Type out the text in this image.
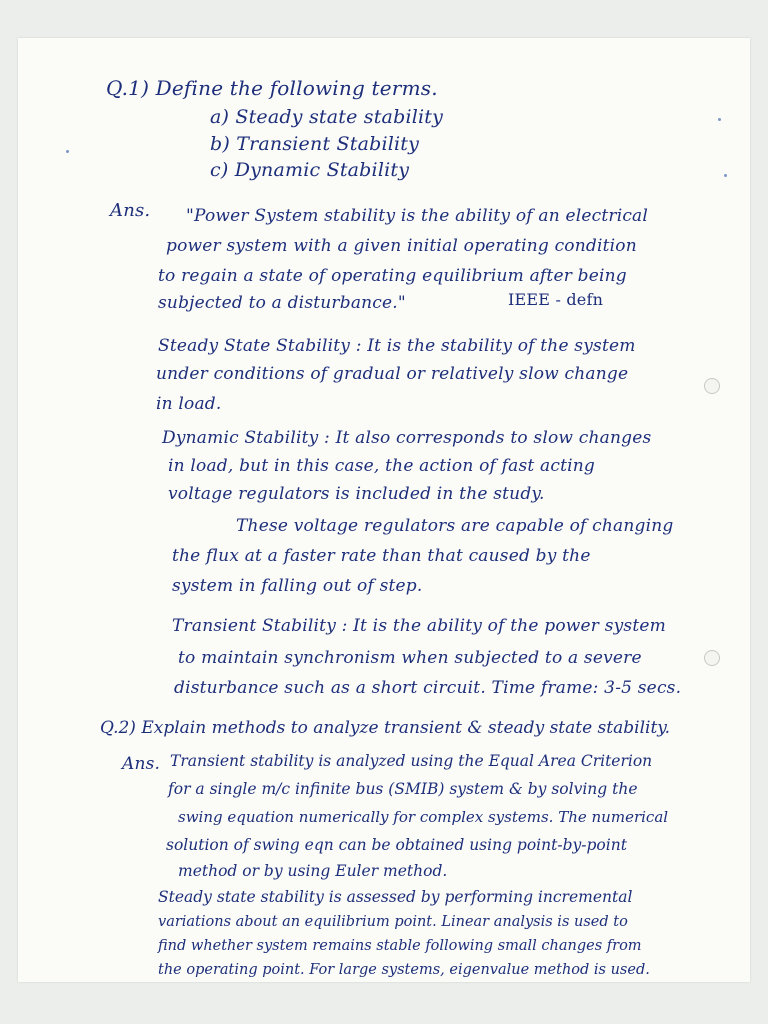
Q.1) Define the following terms.
a) Steady state stability
b) Transient Stability
c) Dynamic Stability
Ans. "Power System stability is the ability of an electrical
power system with a given initial operating condition
to regain a state of operating equilibrium after being
subjected to a disturbance."	IEEE - defn
Steady State Stability : It is the stability of the system
under conditions of gradual or relatively slow change
in load.
Dynamic Stability : It also corresponds to slow changes
in load, but in this case, the action of fast acting
voltage regulators is included in the study.
These voltage regulators are capable of changing
the flux at a faster rate than that caused by the
system in falling out of step.
Transient Stability : It is the ability of the power system
to maintain synchronism when subjected to a severe
disturbance such as a short circuit. Time frame: 3-5 secs.
Q.2) Explain methods to analyze transient & steady state stability.
Ans. Transient stability is analyzed using the Equal Area Criterion
for a single m/c infinite bus (SMIB) system & by solving the
swing equation numerically for complex systems. The numerical
solution of swing eqn can be obtained using point-by-point
method or by using Euler method.
Steady state stability is assessed by performing incremental
variations about an equilibrium point. Linear analysis is used to
find whether system remains stable following small changes from
the operating point. For large systems, eigenvalue method is used.
